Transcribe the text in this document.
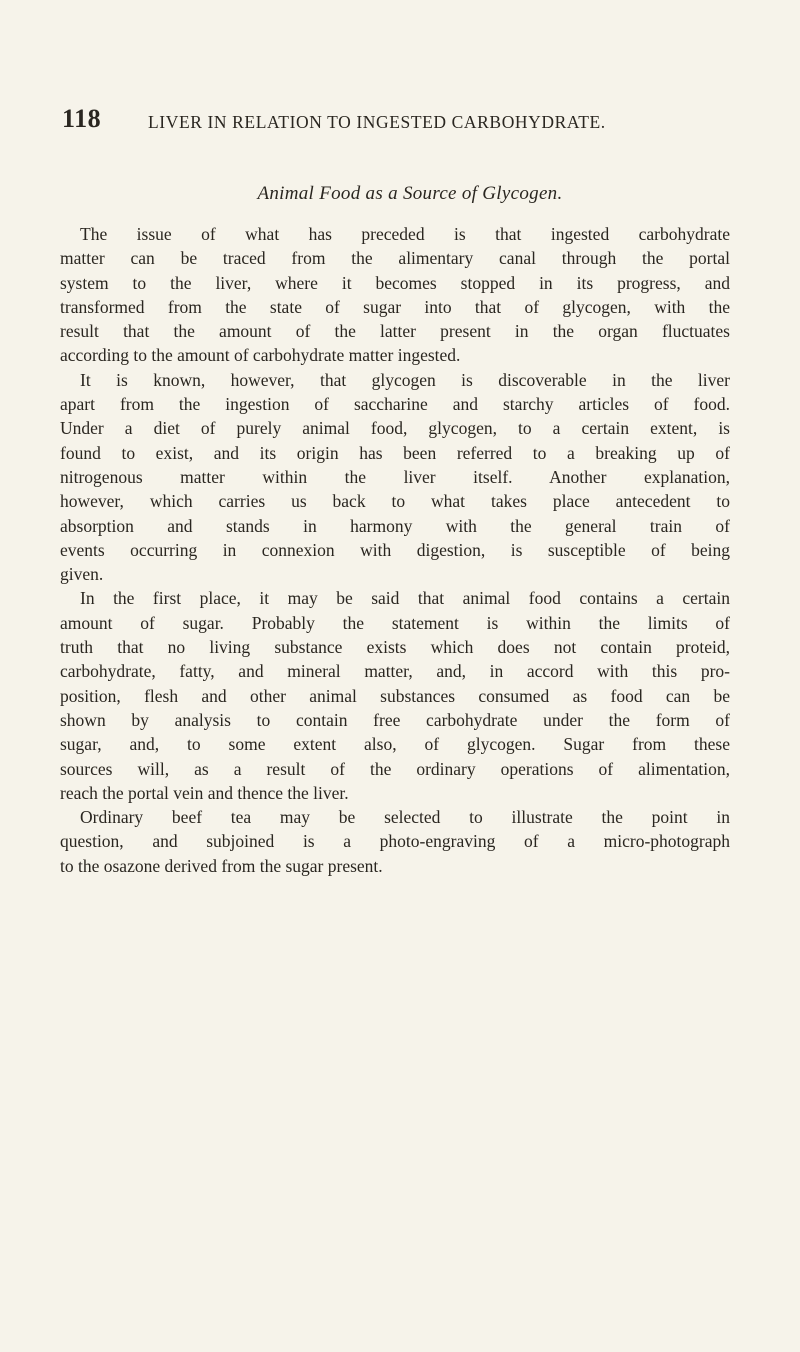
118	LIVER IN RELATION TO INGESTED CARBOHYDRATE.
Animal Food as a Source of Glycogen.
The issue of what has preceded is that ingested carbohydrate
matter can be traced from the alimentary canal through the portal
system to the liver, where it becomes stopped in its progress, and
transformed from the state of sugar into that of glycogen, with the
result that the amount of the latter present in the organ fluctuates
according to the amount of carbohydrate matter ingested.
It is known, however, that glycogen is discoverable in the liver
apart from the ingestion of saccharine and starchy articles of food.
Under a diet of purely animal food, glycogen, to a certain extent, is
found to exist, and its origin has been referred to a breaking up of
nitrogenous matter within the liver itself. Another explanation,
however, which carries us back to what takes place antecedent to
absorption and stands in harmony with the general train of
events occurring in connexion with digestion, is susceptible of being
given.
In the first place, it may be said that animal food contains a certain
amount of sugar. Probably the statement is within the limits of
truth that no living substance exists which does not contain proteid,
carbohydrate, fatty, and mineral matter, and, in accord with this pro-
position, flesh and other animal substances consumed as food can be
shown by analysis to contain free carbohydrate under the form of
sugar, and, to some extent also, of glycogen. Sugar from these
sources will, as a result of the ordinary operations of alimentation,
reach the portal vein and thence the liver.
Ordinary beef tea may be selected to illustrate the point in
question, and subjoined is a photo-engraving of a micro-photograph
to the osazone derived from the sugar present.
